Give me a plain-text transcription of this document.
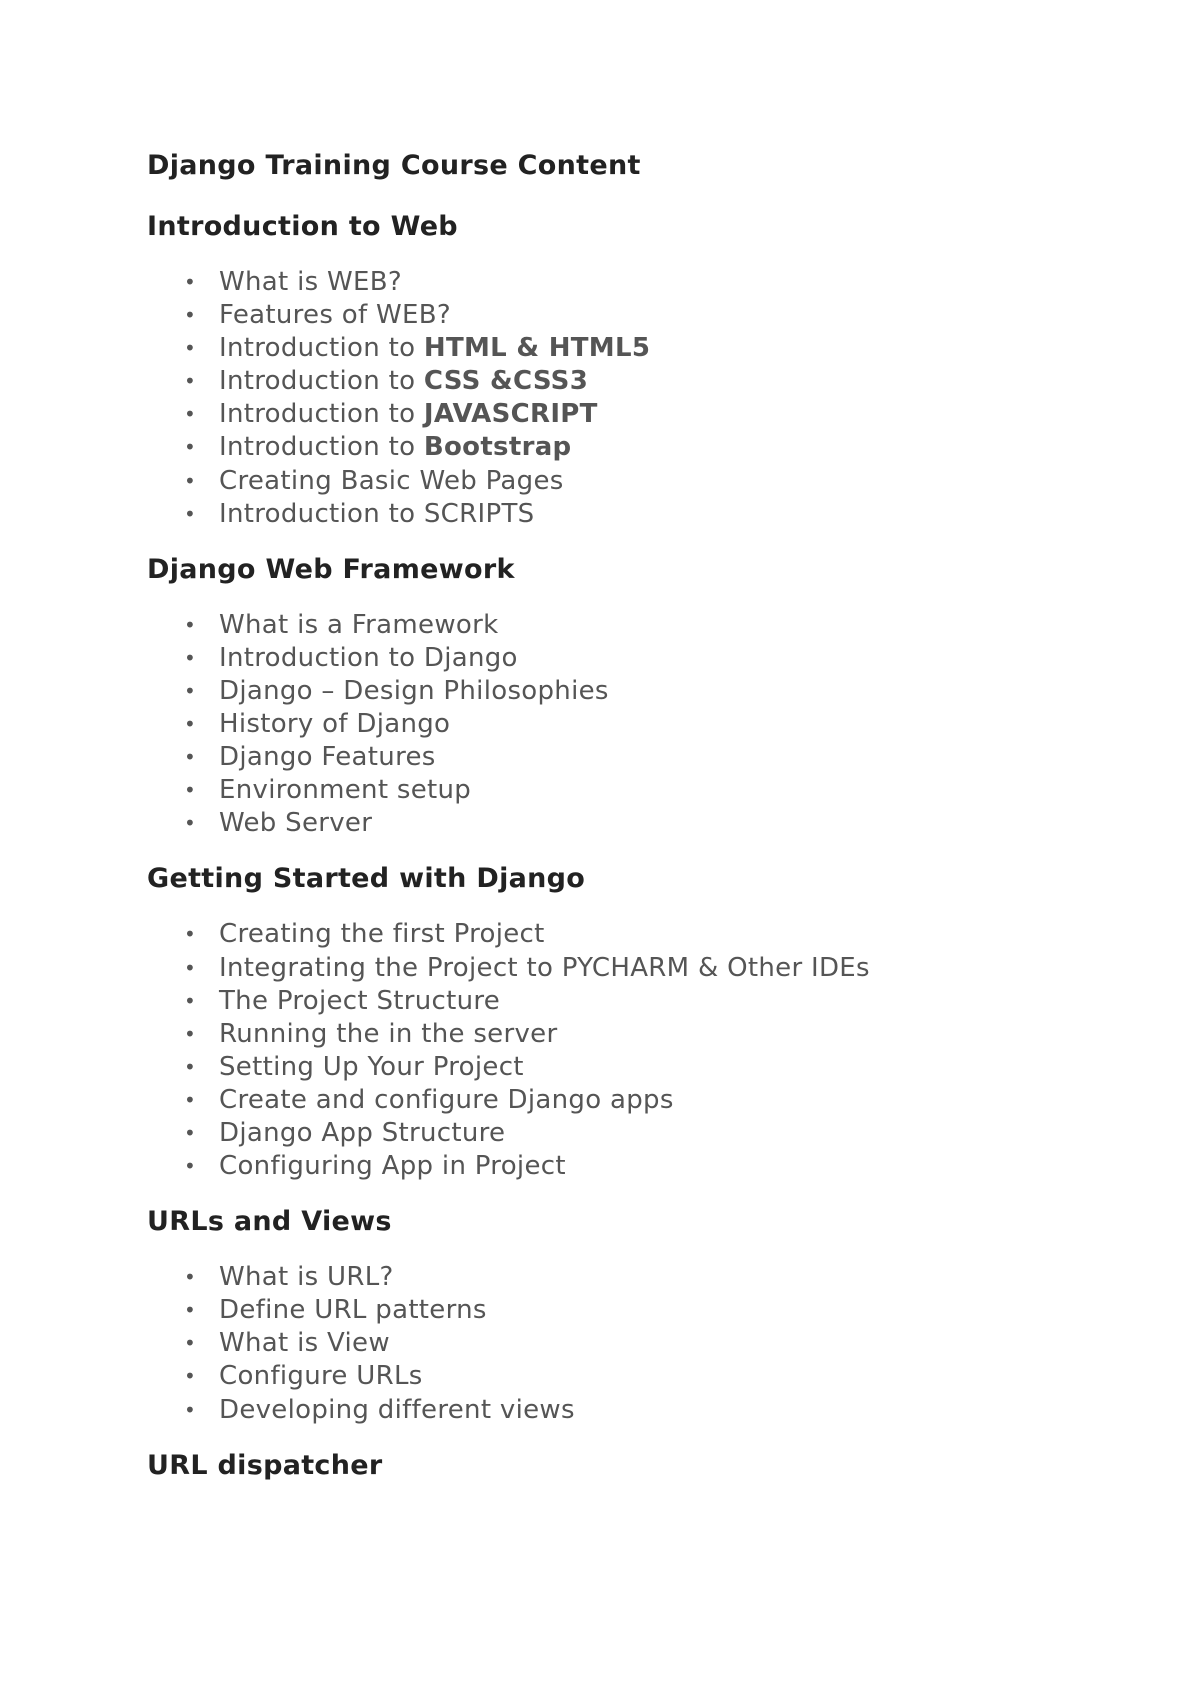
Django Training Course Content
Introduction to Web
• What is WEB?
• Features of WEB?
• Introduction to HTML & HTML5
• Introduction to CSS &CSS3
• Introduction to JAVASCRIPT
• Introduction to Bootstrap
• Creating Basic Web Pages
• Introduction to SCRIPTS
Django Web Framework
• What is a Framework
• Introduction to Django
• Django – Design Philosophies
• History of Django
• Django Features
• Environment setup
• Web Server
Getting Started with Django
• Creating the first Project
• Integrating the Project to PYCHARM & Other IDEs
• The Project Structure
• Running the in the server
• Setting Up Your Project
• Create and configure Django apps
• Django App Structure
• Configuring App in Project
URLs and Views
• What is URL?
• Define URL patterns
• What is View
• Configure URLs
• Developing different views
URL dispatcher
